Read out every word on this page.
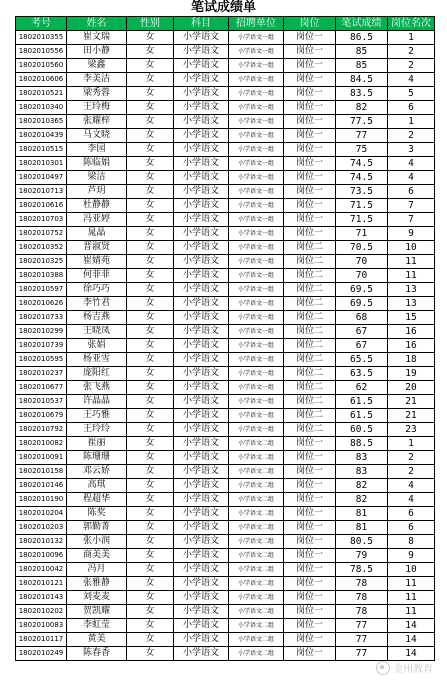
笔试成绩单
考号	姓名	性别	科目	招聘单位	岗位	笔试成绩	岗位名次
1802010355	崔文瑞	女	小学语文	小学语文一组	岗位一	86.5	1
1802010556	田小静	女	小学语文	小学语文一组	岗位一	85	2
1802010560	梁鑫	女	小学语文	小学语文一组	岗位一	85	2
1802010606	李美洁	女	小学语文	小学语文一组	岗位一	84.5	4
1802010521	梁秀蓉	女	小学语文	小学语文一组	岗位一	83.5	5
1802010340	王玲梅	女	小学语文	小学语文一组	岗位一	82	6
1802010365	张耀梓	女	小学语文	小学语文一组	岗位一	77.5	1
1802010439	马文晓	女	小学语文	小学语文一组	岗位一	77	2
1802010515	李园	女	小学语文	小学语文一组	岗位一	75	3
1802010301	陈临娟	女	小学语文	小学语文一组	岗位一	74.5	4
1802010497	梁洁	女	小学语文	小学语文一组	岗位一	74.5	4
1802010713	芦玥	女	小学语文	小学语文一组	岗位一	73.5	6
1802010616	杜静静	女	小学语文	小学语文一组	岗位一	71.5	7
1802010703	冯亚婷	女	小学语文	小学语文一组	岗位一	71.5	7
1802010752	晁晶	女	小学语文	小学语文一组	岗位一	71	9
1802010352	晋淑贤	女	小学语文	小学语文一组	岗位二	70.5	10
1802010325	崔婧苑	女	小学语文	小学语文一组	岗位二	70	11
1802010388	何菲菲	女	小学语文	小学语文一组	岗位二	70	11
1802010597	徐巧巧	女	小学语文	小学语文一组	岗位二	69.5	13
1802010626	李竹君	女	小学语文	小学语文一组	岗位二	69.5	13
1802010733	杨吉燕	女	小学语文	小学语文一组	岗位二	68	15
1802010299	王晓凤	女	小学语文	小学语文一组	岗位二	67	16
1802010739	张娟	女	小学语文	小学语文一组	岗位二	67	16
1802010595	杨亚雪	女	小学语文	小学语文一组	岗位二	65.5	18
1802010237	庞阳红	女	小学语文	小学语文一组	岗位二	63.5	19
1802010677	张飞燕	女	小学语文	小学语文一组	岗位二	62	20
1802010537	许晶晶	女	小学语文	小学语文一组	岗位二	61.5	21
1802010679	王巧雅	女	小学语文	小学语文一组	岗位二	61.5	21
1802010792	王玲玲	女	小学语文	小学语文一组	岗位二	60.5	23
1802010082	崔丽	女	小学语文	小学语文二组	岗位一	88.5	1
1802010091	陈珊珊	女	小学语文	小学语文二组	岗位一	83	2
1802010158	邓云娇	女	小学语文	小学语文二组	岗位一	83	2
1802010146	高琪	女	小学语文	小学语文二组	岗位一	82	4
1802010190	程超华	女	小学语文	小学语文二组	岗位一	82	4
1802010204	陈奖	女	小学语文	小学语文二组	岗位一	81	6
1802010203	郭勤菁	女	小学语文	小学语文二组	岗位一	81	6
1802010132	张小润	女	小学语文	小学语文二组	岗位一	80.5	8
1802010096	商美美	女	小学语文	小学语文二组	岗位一	79	9
1802010042	冯月	女	小学语文	小学语文二组	岗位一	78.5	10
1802010121	张雅静	女	小学语文	小学语文二组	岗位一	78	11
1802010143	刘麦麦	女	小学语文	小学语文二组	岗位一	78	11
1802010202	贺凯耀	女	小学语文	小学语文二组	岗位一	78	11
1802010083	李虹莹	女	小学语文	小学语文二组	岗位一	77	14
1802010117	黄美	女	小学语文	小学语文二组	岗位一	77	14
1802010249	陈春香	女	小学语文	小学语文二组	岗位一	77	14
金州教育
